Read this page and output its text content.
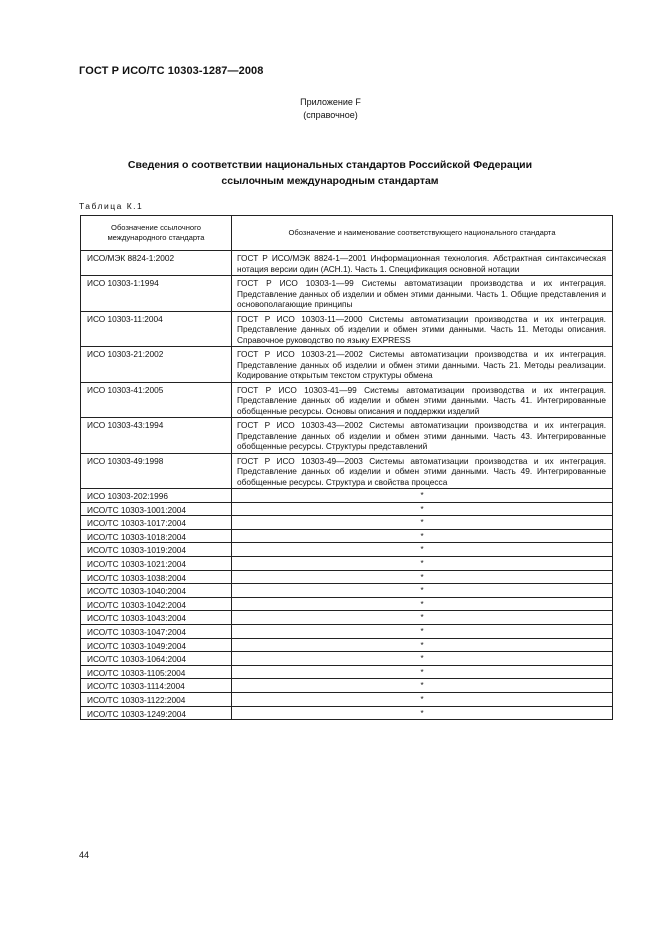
ГОСТ Р ИСО/ТС 10303-1287—2008
Приложение F
(справочное)
Сведения о соответствии национальных стандартов Российской Федерации
ссылочным международным стандартам
Таблица К.1
Обозначение ссылочного международного стандарта	Обозначение и наименование соответствующего национального стандарта
ИСО/МЭК 8824-1:2002	ГОСТ Р ИСО/МЭК 8824-1—2001 Информационная технология. Абстрактная синтаксическая нотация версии один (АСН.1). Часть 1. Спецификация основной нотации
ИСО 10303-1:1994	ГОСТ Р ИСО 10303-1—99 Системы автоматизации производства и их интеграция. Представление данных об изделии и обмен этими данными. Часть 1. Общие представления и основополагающие принципы
ИСО 10303-11:2004	ГОСТ Р ИСО 10303-11—2000 Системы автоматизации производства и их интеграция. Представление данных об изделии и обмен этими данными. Часть 11. Методы описания. Справочное руководство по языку EXPRESS
ИСО 10303-21:2002	ГОСТ Р ИСО 10303-21—2002 Системы автоматизации производства и их интеграция. Представление данных об изделии и обмен этими данными. Часть 21. Методы реализации. Кодирование открытым текстом структуры обмена
ИСО 10303-41:2005	ГОСТ Р ИСО 10303-41—99 Системы автоматизации производства и их интеграция. Представление данных об изделии и обмен этими данными. Часть 41. Интегрированные обобщенные ресурсы. Основы описания и поддержки изделий
ИСО 10303-43:1994	ГОСТ Р ИСО 10303-43—2002 Системы автоматизации производства и их интеграция. Представление данных об изделии и обмен этими данными. Часть 43. Интегрированные обобщенные ресурсы. Структуры представлений
ИСО 10303-49:1998	ГОСТ Р ИСО 10303-49—2003 Системы автоматизации производства и их интеграция. Представление данных об изделии и обмен этими данными. Часть 49. Интегрированные обобщенные ресурсы. Структура и свойства процесса
ИСО 10303-202:1996	*
ИСО/ТС 10303-1001:2004	*
ИСО/ТС 10303-1017:2004	*
ИСО/ТС 10303-1018:2004	*
ИСО/ТС 10303-1019:2004	*
ИСО/ТС 10303-1021:2004	*
ИСО/ТС 10303-1038:2004	*
ИСО/ТС 10303-1040:2004	*
ИСО/ТС 10303-1042:2004	*
ИСО/ТС 10303-1043:2004	*
ИСО/ТС 10303-1047:2004	*
ИСО/ТС 10303-1049:2004	*
ИСО/ТС 10303-1064:2004	*
ИСО/ТС 10303-1105:2004	*
ИСО/ТС 10303-1114:2004	*
ИСО/ТС 10303-1122:2004	*
ИСО/ТС 10303-1249:2004	*
44
